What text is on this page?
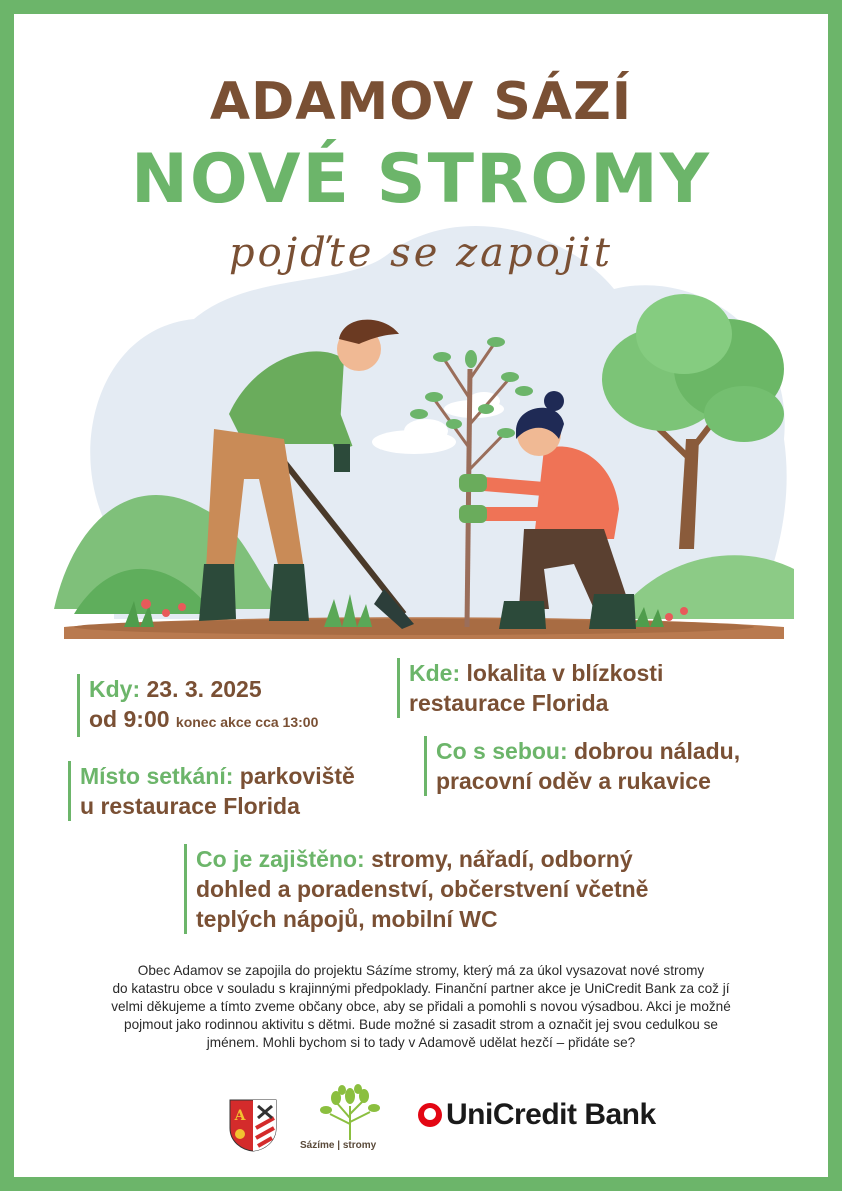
ADAMOV SÁZÍ
NOVÉ STROMY
pojďte se zapojit
Kdy: 23. 3. 2025
od 9:00 konec akce cca 13:00
Kde: lokalita v blízkosti
restaurace Florida
Co s sebou: dobrou náladu,
pracovní oděv a rukavice
Místo setkání: parkoviště
u restaurace Florida
Co je zajištěno: stromy, nářadí, odborný
dohled a poradenství, občerstvení včetně
teplých nápojů, mobilní WC
Obec Adamov se zapojila do projektu Sázíme stromy, který má za úkol vysazovat nové stromy
do katastru obce v souladu s krajinnými předpoklady. Finanční partner akce je UniCredit Bank za což jí
velmi děkujeme a tímto zveme občany obce, aby se přidali a pomohli s novou výsadbou. Akci je možné
pojmout jako rodinnou aktivitu s dětmi. Bude možné si zasadit strom a označit jej svou cedulkou se
jménem. Mohli bychom si to tady v Adamově udělat hezčí – přidáte se?
A
Sázíme | stromy
UniCredit Bank
